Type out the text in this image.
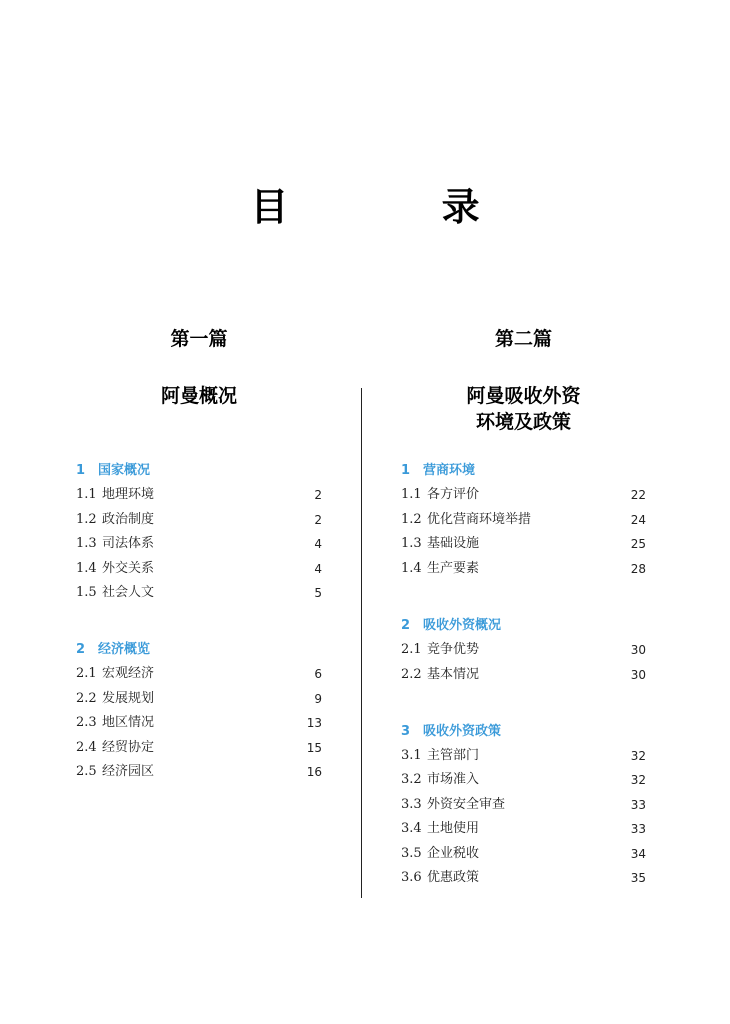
目 录
第一篇
阿曼概况
1 国家概况
1.1 地理环境	2
1.2 政治制度	2
1.3 司法体系	4
1.4 外交关系	4
1.5 社会人文	5
2 经济概览
2.1 宏观经济	6
2.2 发展规划	9
2.3 地区情况	13
2.4 经贸协定	15
2.5 经济园区	16
第二篇
阿曼吸收外资
环境及政策
1 营商环境
1.1 各方评价	22
1.2 优化营商环境举措	24
1.3 基础设施	25
1.4 生产要素	28
2 吸收外资概况
2.1 竞争优势	30
2.2 基本情况	30
3 吸收外资政策
3.1 主管部门	32
3.2 市场准入	32
3.3 外资安全审查	33
3.4 土地使用	33
3.5 企业税收	34
3.6 优惠政策	35
